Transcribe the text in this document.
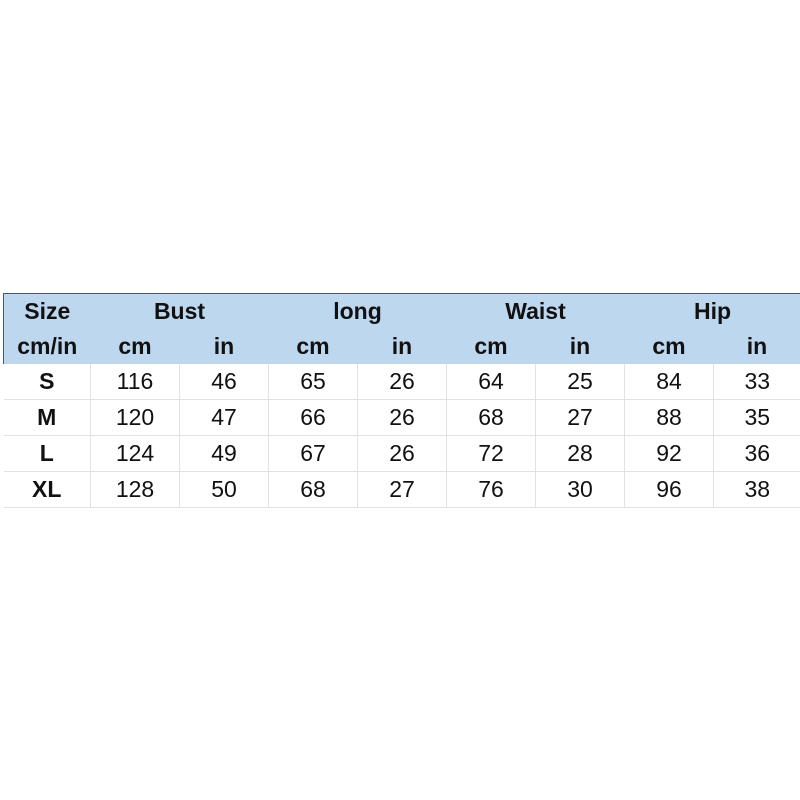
Size	Bust		long		Waist		Hip	
cm/in	cm	in	cm	in	cm	in	cm	in
S	116	46	65	26	64	25	84	33
M	120	47	66	26	68	27	88	35
L	124	49	67	26	72	28	92	36
XL	128	50	68	27	76	30	96	38
